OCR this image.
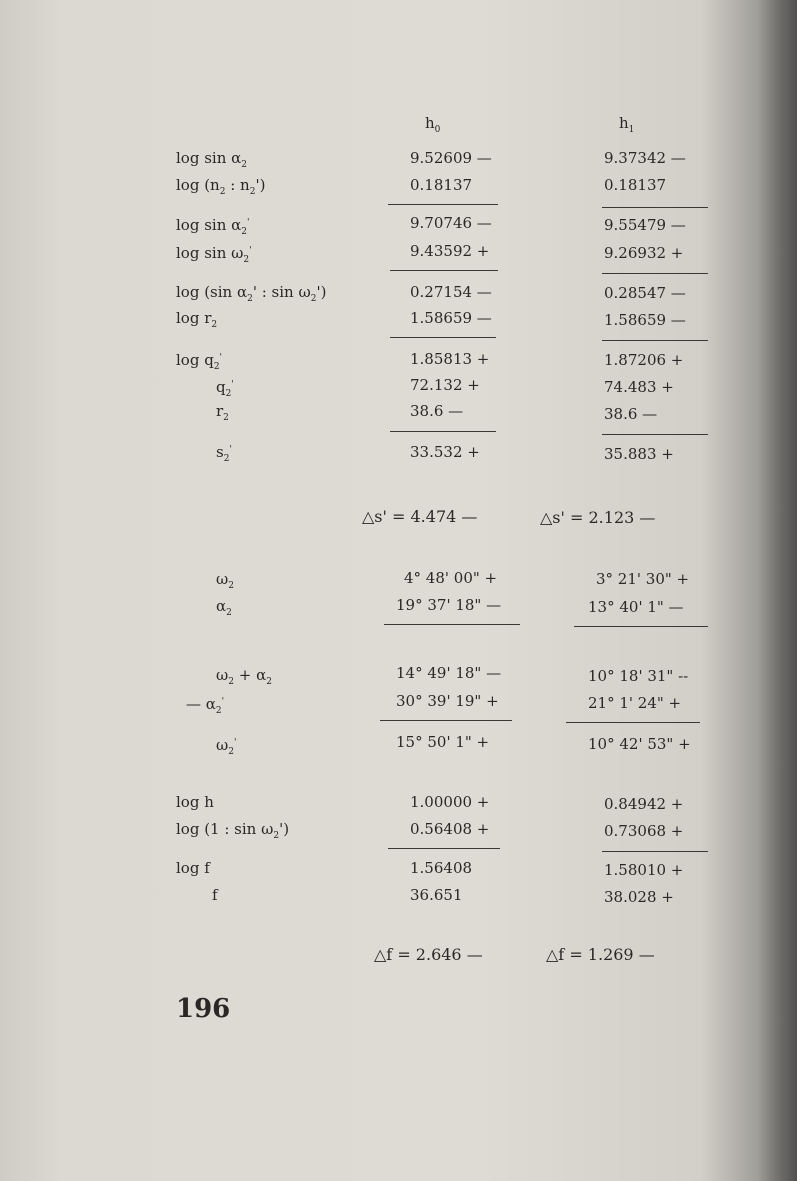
$h_0$	$h_1$
$\log \sin \alpha_2$	9.52609 —	9.37342 —
$\log (n_2$ : $n_2'$)	0.18137	0.18137
$\log \sin \alpha_2'$	9.70746 —	9.55479 —
$\log \sin \omega_2'$	9.43592 +	9.26932 +
log (sin $\alpha_2'$ : $\sin \omega_2'$)	0.27154 —	0.28547 —
$\log r_2$	1.58659 —	1.58659 —
$\log q_2'$	1.85813 +	1.87206 +
$q_2'$	72.132 +	74.483 +
$r_2$	38.6 —	38.6 —
$s_2'$	33.532 +	35.883 +
△s' = 4.474 —	△s' = 2.123 —
$\omega_2$	4° 48' 00" +	3° 21' 30" +
$\alpha_2$	19° 37' 18" —	13° 40' 1" —
$\omega_2 + \alpha_2$	14° 49' 18" —	10° 18' 31" --
— $\alpha_2'$	30° 39' 19" +	21° 1' 24" +
$\omega_2'$	15° 50' 1" +	10° 42' 53" +
log h	1.00000 +	0.84942 +
log (1 : $\sin \omega_2'$)	0.56408 +	0.73068 +
log f	1.56408	1.58010 +
f	36.651	38.028 +
△f = 2.646 —	△f = 1.269 —
196
